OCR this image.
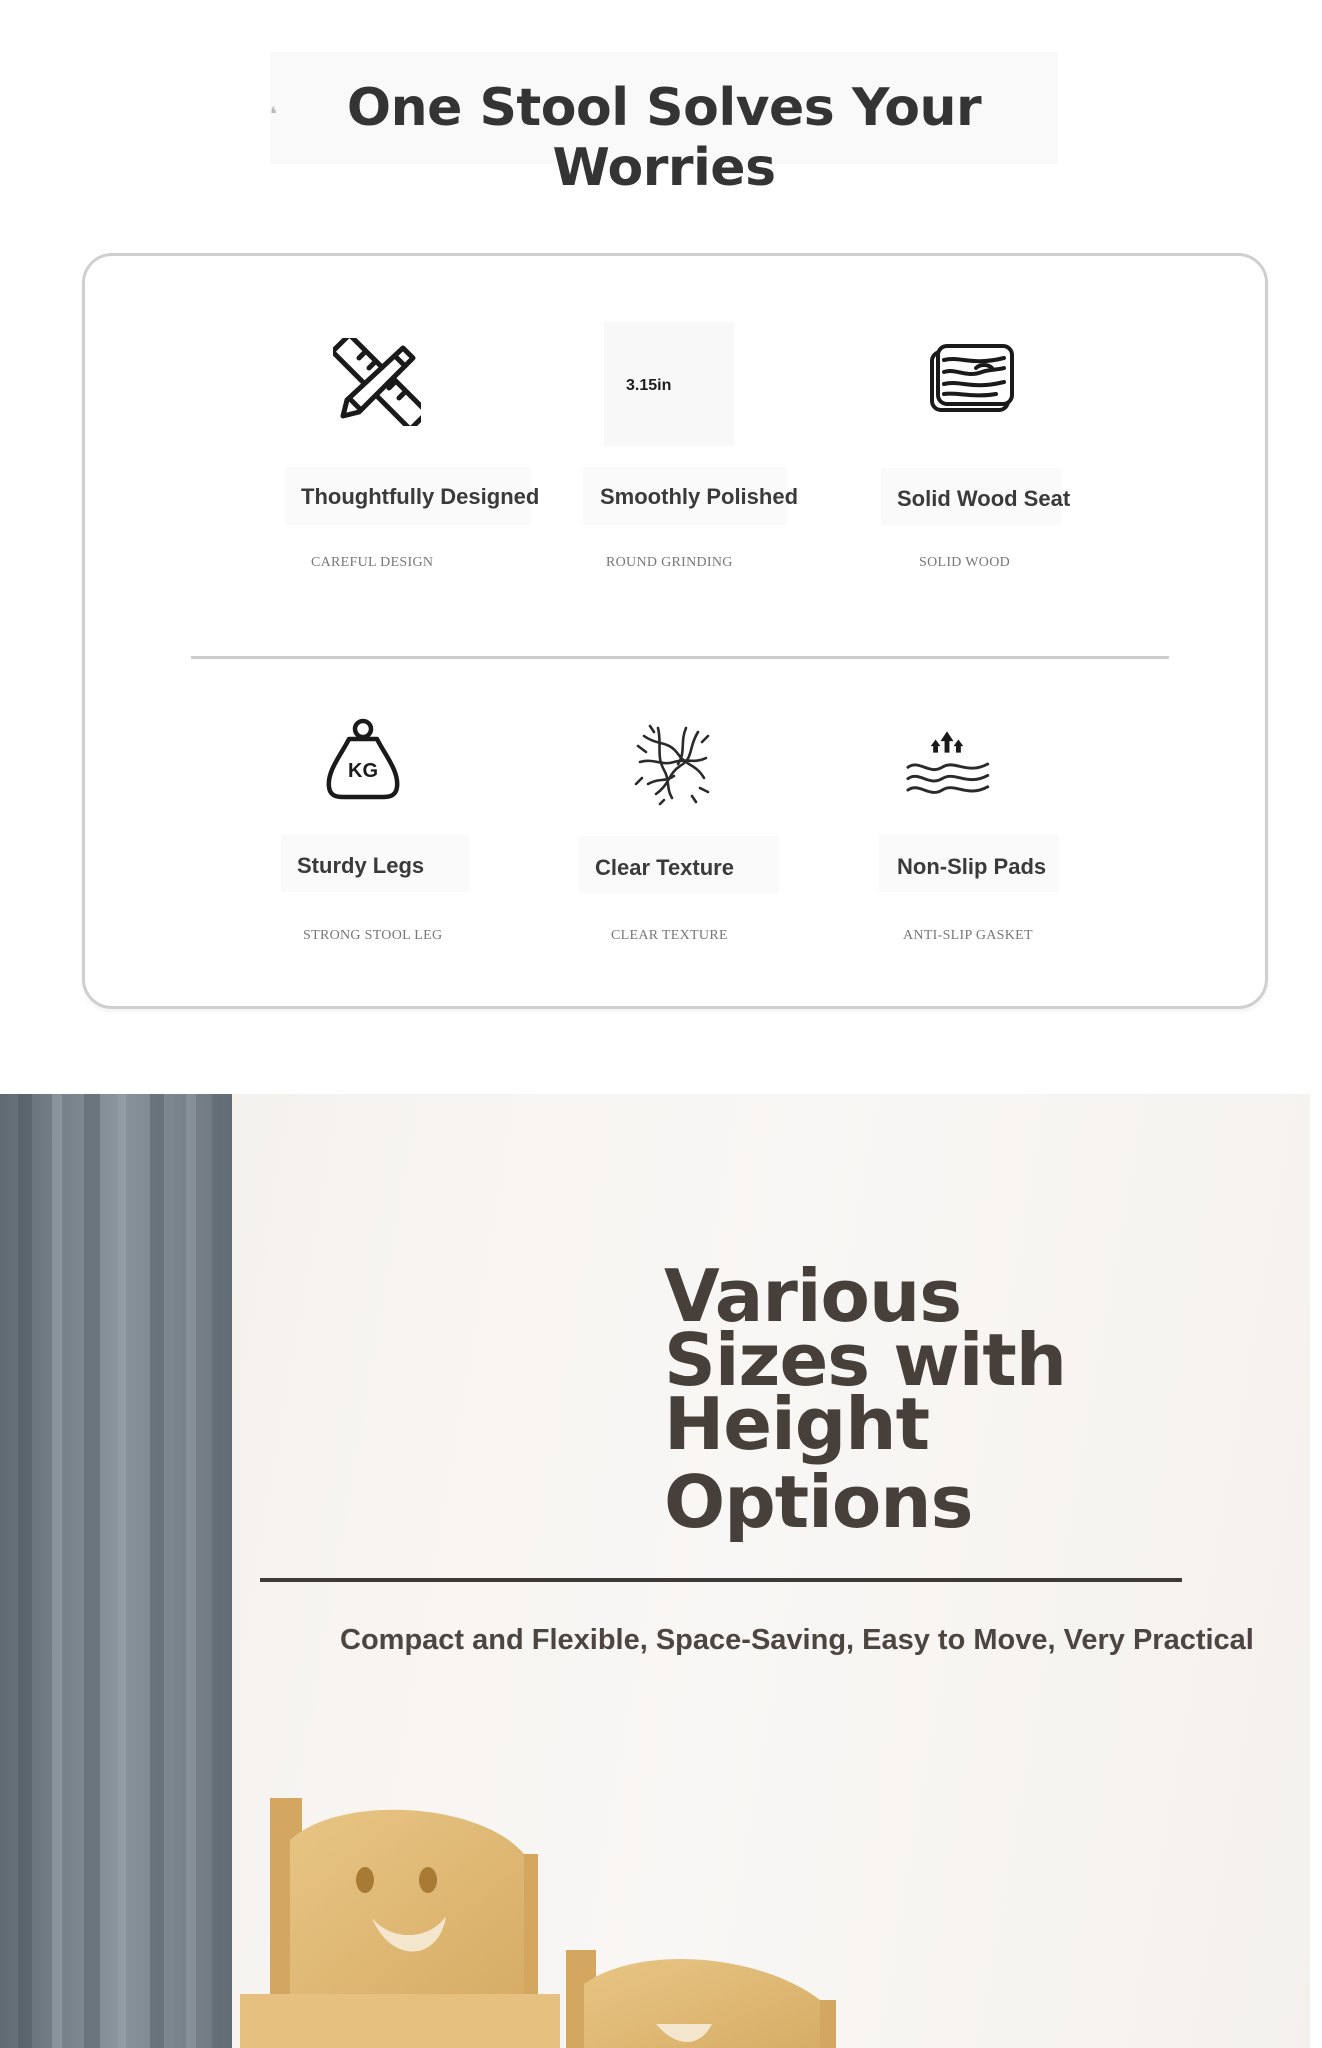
❛ One Stool Solves Your Worries
Thoughtfully Designed
CAREFUL DESIGN
3.15in
Smoothly Polished
ROUND GRINDING
Solid Wood Seat
SOLID WOOD
KG
Sturdy Legs
STRONG STOOL LEG
Clear Texture
CLEAR TEXTURE
Non-Slip Pads
ANTI-SLIP GASKET
Various
Sizes with
Height
Options
Compact and Flexible, Space-Saving, Easy to Move, Very Practical
